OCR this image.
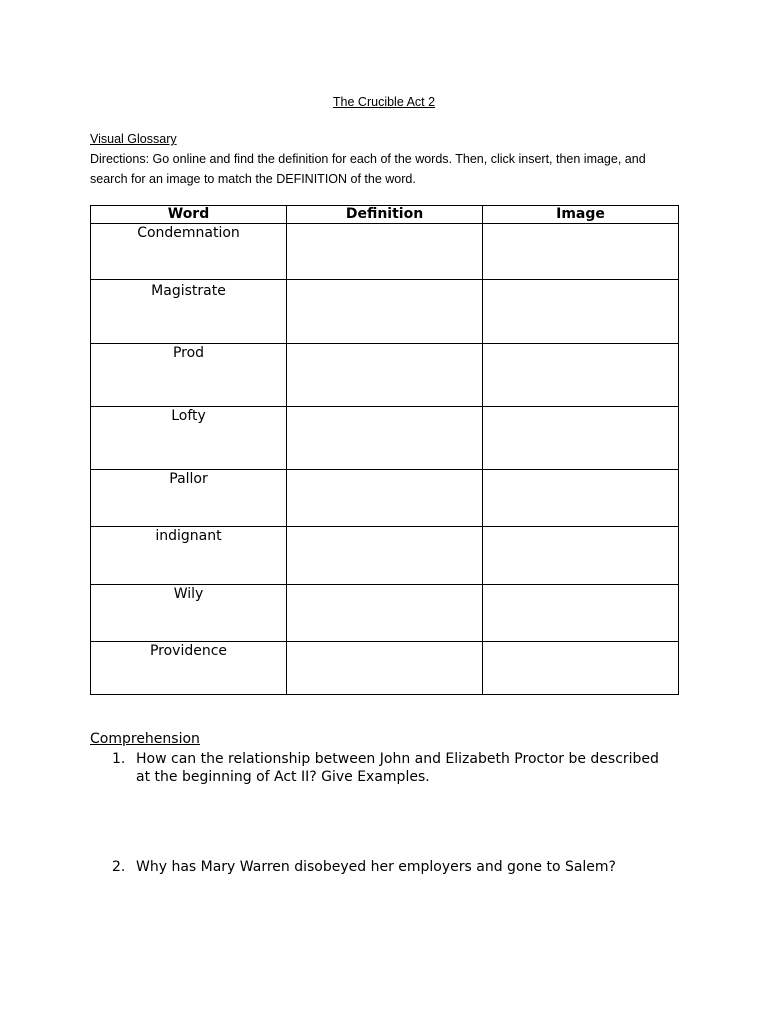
The Crucible Act 2
Visual Glossary
Directions: Go online and find the definition for each of the words. Then, click insert, then image, and search for an image to match the DEFINITION of the word.
Word	Definition	Image
Condemnation		
Magistrate		
Prod		
Lofty		
Pallor		
indignant		
Wily		
Providence		
Comprehension
1. How can the relationship between John and Elizabeth Proctor be described at the beginning of Act II? Give Examples.
2. Why has Mary Warren disobeyed her employers and gone to Salem?
